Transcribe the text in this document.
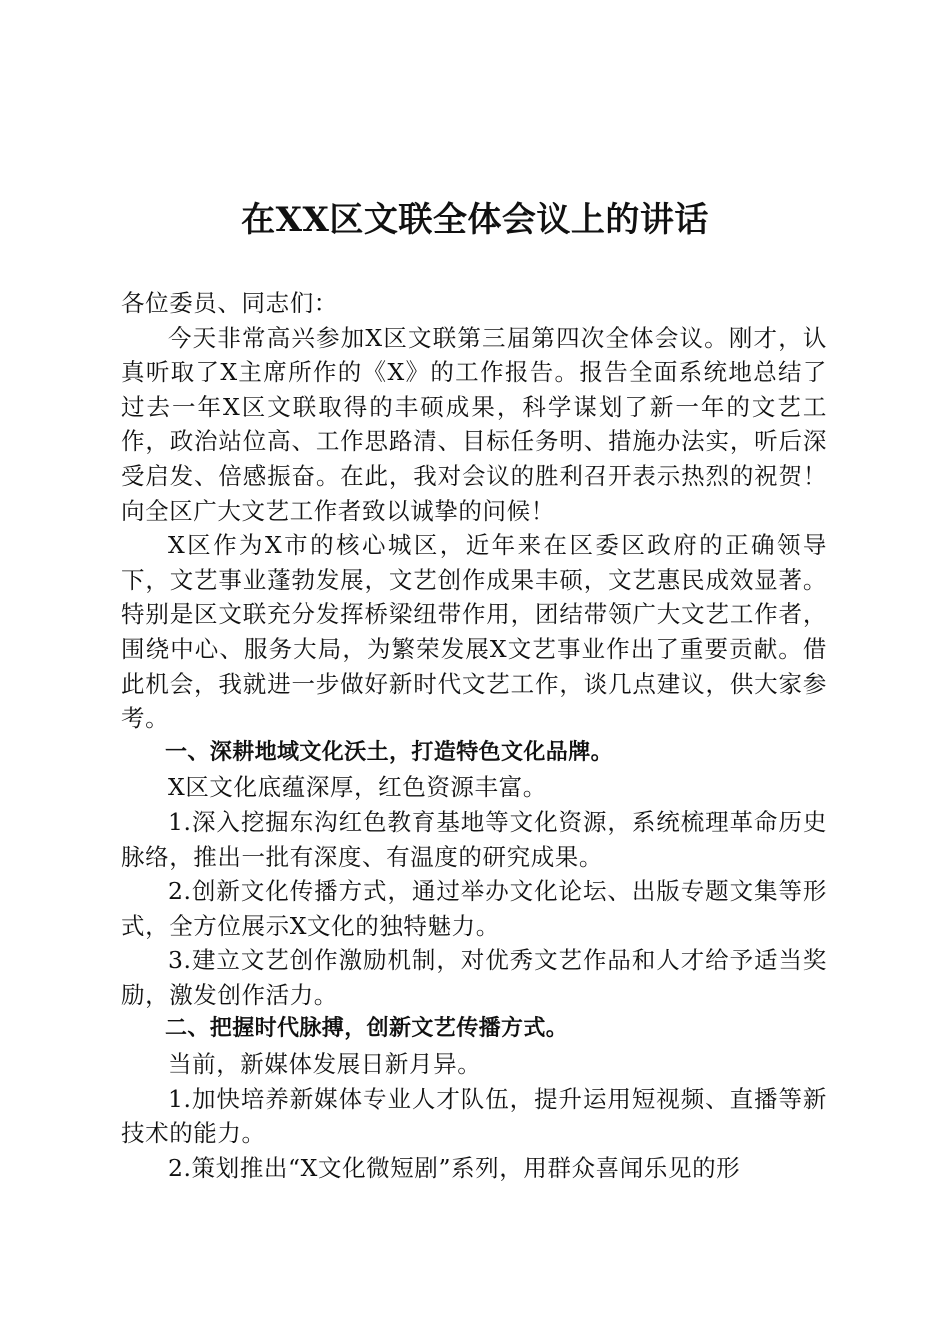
在XX区文联全体会议上的讲话

各位委员、同志们：

今天非常高兴参加X区文联第三届第四次全体会议。刚才，认真听取了X主席所作的《X》的工作报告。报告全面系统地总结了过去一年X区文联取得的丰硕成果，科学谋划了新一年的文艺工作，政治站位高、工作思路清、目标任务明、措施办法实，听后深受启发、倍感振奋。在此，我对会议的胜利召开表示热烈的祝贺！向全区广大文艺工作者致以诚挚的问候！

X区作为X市的核心城区，近年来在区委区政府的正确领导下，文艺事业蓬勃发展，文艺创作成果丰硕，文艺惠民成效显著。特别是区文联充分发挥桥梁纽带作用，团结带领广大文艺工作者，围绕中心、服务大局，为繁荣发展X文艺事业作出了重要贡献。借此机会，我就进一步做好新时代文艺工作，谈几点建议，供大家参考。

一、深耕地域文化沃土，打造特色文化品牌。

X区文化底蕴深厚，红色资源丰富。

1.深入挖掘东沟红色教育基地等文化资源，系统梳理革命历史脉络，推出一批有深度、有温度的研究成果。

2.创新文化传播方式，通过举办文化论坛、出版专题文集等形式，全方位展示X文化的独特魅力。

3.建立文艺创作激励机制，对优秀文艺作品和人才给予适当奖励，激发创作活力。

二、把握时代脉搏，创新文艺传播方式。

当前，新媒体发展日新月异。

1.加快培养新媒体专业人才队伍，提升运用短视频、直播等新技术的能力。

2.策划推出“X文化微短剧”系列，用群众喜闻乐见的形
